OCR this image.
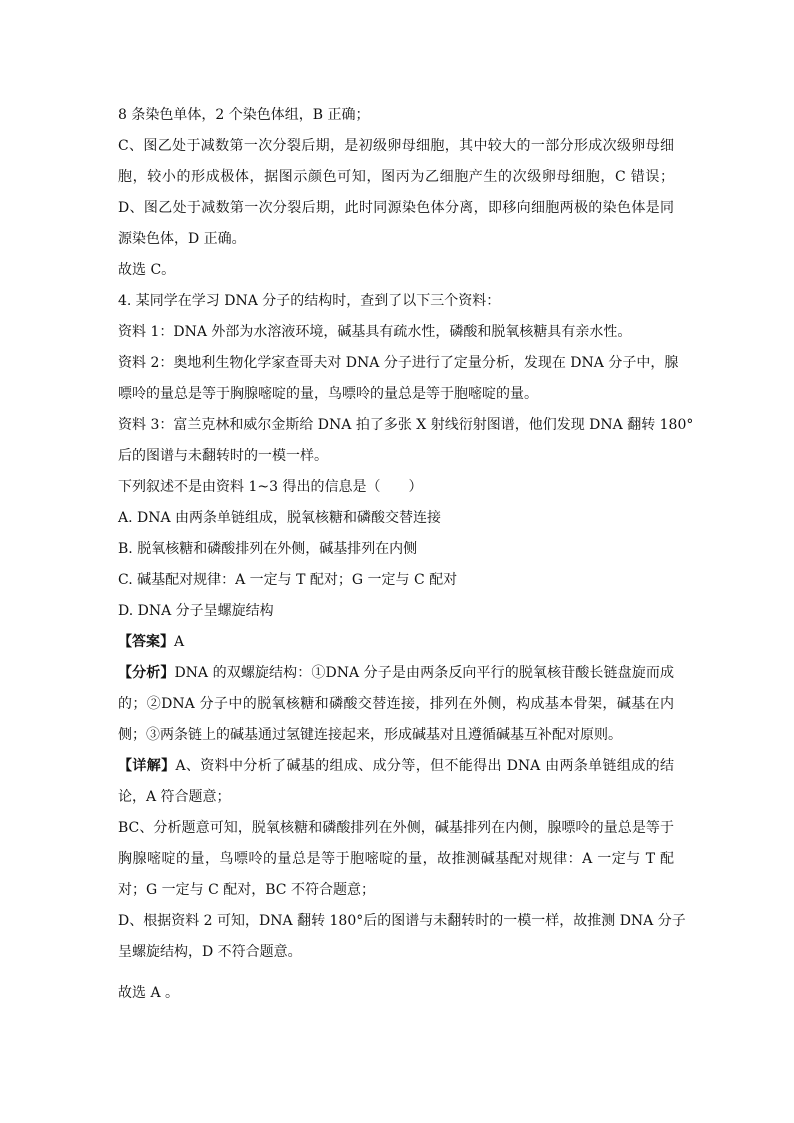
【答案】A
【分析】DNA 的双螺旋结构：①DNA 分子是由两条反向平行的脱氧核苷酸长链盘旋而成
【详解】A、资料中分析了碱基的组成、成分等，但不能得出 DNA 由两条单链组成的结
8 条染色单体，2 个染色体组，B 正确；
C、图乙处于减数第一次分裂后期，是初级卵母细胞，其中较大的一部分形成次级卵母细
胞，较小的形成极体，据图示颜色可知，图丙为乙细胞产生的次级卵母细胞，C 错误；
D、图乙处于减数第一次分裂后期，此时同源染色体分离，即移向细胞两极的染色体是同
源染色体，D 正确。
故选 C。
4. 某同学在学习 DNA 分子的结构时，查到了以下三个资料：
资料 1：DNA 外部为水溶液环境，碱基具有疏水性，磷酸和脱氧核糖具有亲水性。
资料 2：奥地利生物化学家查哥夫对 DNA 分子进行了定量分析，发现在 DNA 分子中，腺
嘌呤的量总是等于胸腺嘧啶的量，鸟嘌呤的量总是等于胞嘧啶的量。
资料 3：富兰克林和威尔金斯给 DNA 拍了多张 X 射线衍射图谱，他们发现 DNA 翻转 180°
后的图谱与未翻转时的一模一样。
下列叙述不是由资料 1~3 得出的信息是（　　）
A. DNA 由两条单链组成，脱氧核糖和磷酸交替连接
B. 脱氧核糖和磷酸排列在外侧，碱基排列在内侧
C. 碱基配对规律：A 一定与 T 配对；G 一定与 C 配对
D. DNA 分子呈螺旋结构
的；②DNA 分子中的脱氧核糖和磷酸交替连接，排列在外侧，构成基本骨架，碱基在内
侧；③两条链上的碱基通过氢键连接起来，形成碱基对且遵循碱基互补配对原则。
论，A 符合题意；
BC、分析题意可知，脱氧核糖和磷酸排列在外侧，碱基排列在内侧，腺嘌呤的量总是等于
胸腺嘧啶的量，鸟嘌呤的量总是等于胞嘧啶的量，故推测碱基配对规律：A 一定与 T 配
对；G 一定与 C 配对，BC 不符合题意；
D、根据资料 2 可知，DNA 翻转 180°后的图谱与未翻转时的一模一样，故推测 DNA 分子
呈螺旋结构，D 不符合题意。
故选 A 。
